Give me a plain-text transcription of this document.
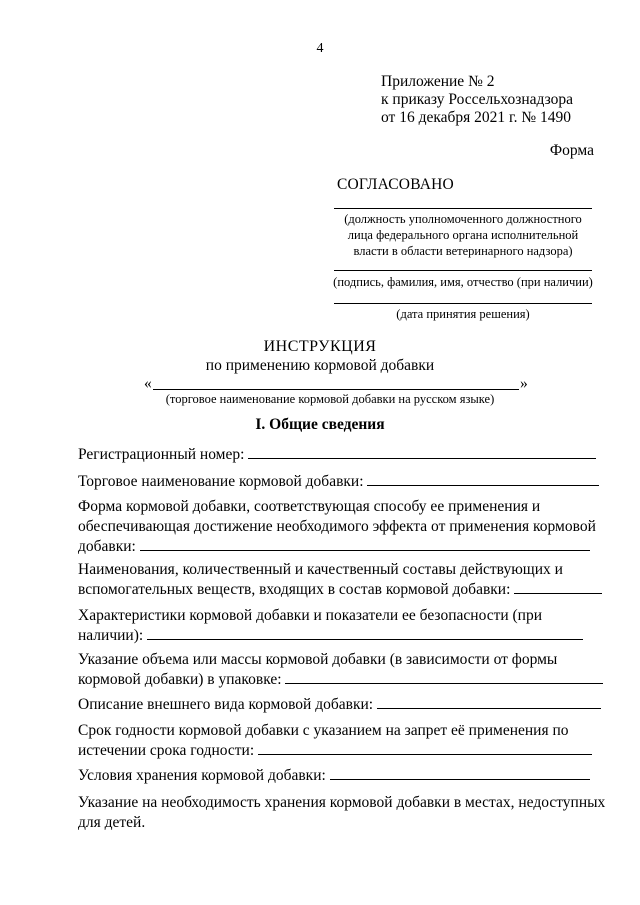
4
Приложение № 2
к приказу Россельхознадзора
от 16 декабря 2021 г. № 1490
Форма
СОГЛАСОВАНО
(должность уполномоченного должностного
лица федерального органа исполнительной
власти в области ветеринарного надзора)
(подпись, фамилия, имя, отчество (при наличии)
(дата принятия решения)
ИНСТРУКЦИЯ
по применению кормовой добавки
«	»
(торговое наименование кормовой добавки на русском языке)
I. Общие сведения
Регистрационный номер:
Торговое наименование кормовой добавки:
Форма кормовой добавки, соответствующая способу ее применения и
обеспечивающая достижение необходимого эффекта от применения кормовой
добавки:
Наименования, количественный и качественный составы действующих и
вспомогательных веществ, входящих в состав кормовой добавки:
Характеристики кормовой добавки и показатели ее безопасности (при
наличии):
Указание объема или массы кормовой добавки (в зависимости от формы
кормовой добавки) в упаковке:
Описание внешнего вида кормовой добавки:
Срок годности кормовой добавки с указанием на запрет её применения по
истечении срока годности:
Условия хранения кормовой добавки:
Указание на необходимость хранения кормовой добавки в местах, недоступных
для детей.
